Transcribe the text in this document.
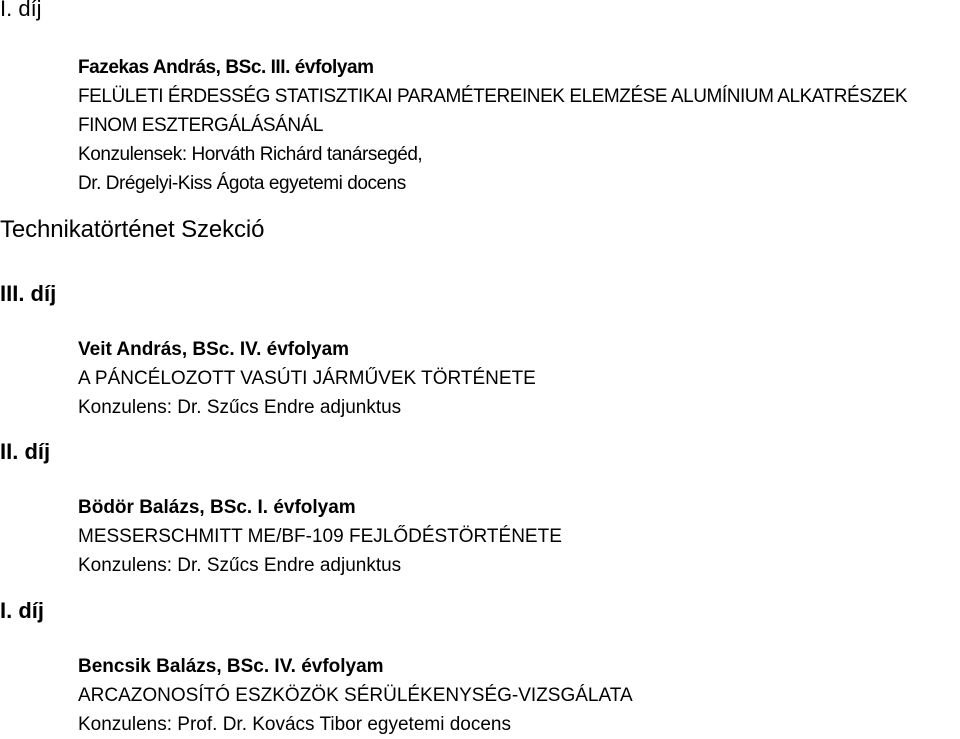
I. díj
Fazekas András, BSc. III. évfolyam
FELÜLETI ÉRDESSÉG STATISZTIKAI PARAMÉTEREINEK ELEMZÉSE ALUMÍNIUM ALKATRÉSZEK
FINOM ESZTERGÁLÁSÁNÁL
Konzulensek: Horváth Richárd tanársegéd,
Dr. Drégelyi-Kiss Ágota egyetemi docens
Technikatörténet Szekció
III. díj
Veit András, BSc. IV. évfolyam
A PÁNCÉLOZOTT VASÚTI JÁRMŰVEK TÖRTÉNETE
Konzulens: Dr. Szűcs Endre adjunktus
II. díj
Bödör Balázs, BSc. I. évfolyam
MESSERSCHMITT ME/BF-109 FEJLŐDÉSTÖRTÉNETE
Konzulens: Dr. Szűcs Endre adjunktus
I. díj
Bencsik Balázs, BSc. IV. évfolyam
ARCAZONOSÍTÓ ESZKÖZÖK SÉRÜLÉKENYSÉG-VIZSGÁLATA
Konzulens: Prof. Dr. Kovács Tibor egyetemi docens
